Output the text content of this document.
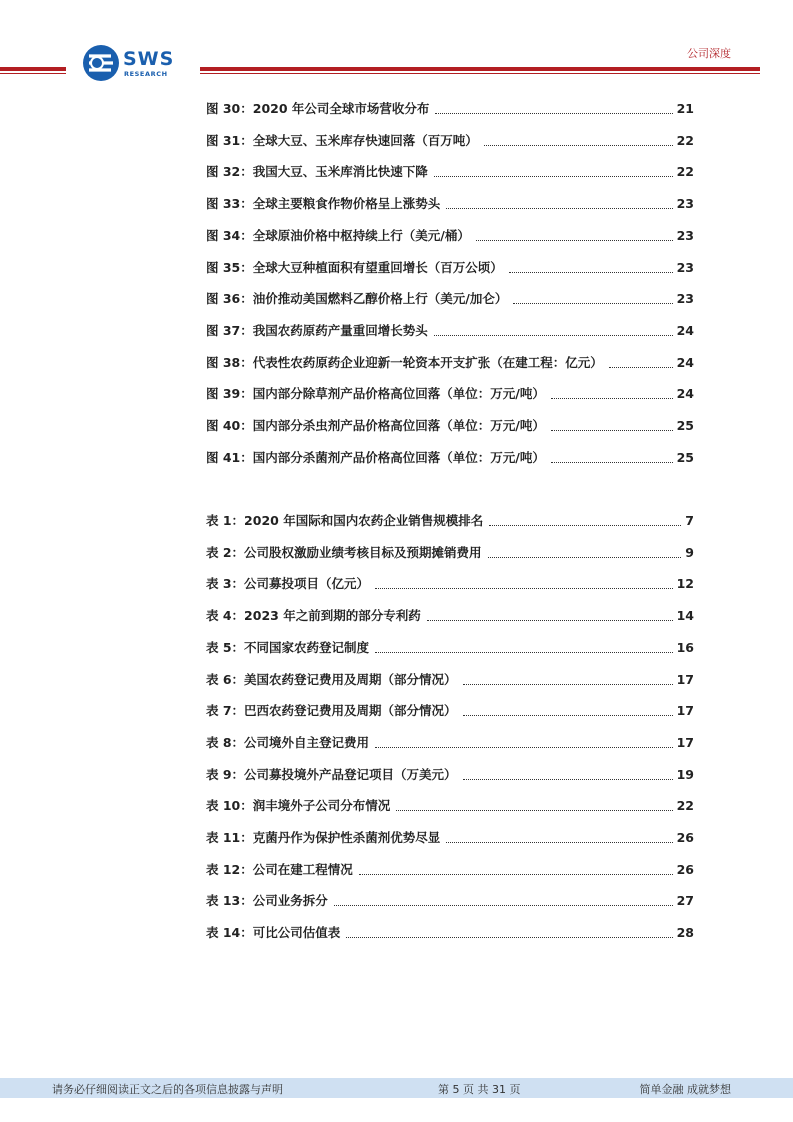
SWS
RESEARCH
公司深度
图 30：2020 年公司全球市场营收分布	21
图 31：全球大豆、玉米库存快速回落（百万吨）	22
图 32：我国大豆、玉米库消比快速下降	22
图 33：全球主要粮食作物价格呈上涨势头	23
图 34：全球原油价格中枢持续上行（美元/桶）	23
图 35：全球大豆种植面积有望重回增长（百万公顷）	23
图 36：油价推动美国燃料乙醇价格上行（美元/加仑）	23
图 37：我国农药原药产量重回增长势头	24
图 38：代表性农药原药企业迎新一轮资本开支扩张（在建工程：亿元）	24
图 39：国内部分除草剂产品价格高位回落（单位：万元/吨）	24
图 40：国内部分杀虫剂产品价格高位回落（单位：万元/吨）	25
图 41：国内部分杀菌剂产品价格高位回落（单位：万元/吨）	25
表 1：2020 年国际和国内农药企业销售规模排名	7
表 2：公司股权激励业绩考核目标及预期摊销费用	9
表 3：公司募投项目（亿元）	12
表 4：2023 年之前到期的部分专利药	14
表 5：不同国家农药登记制度	16
表 6：美国农药登记费用及周期（部分情况）	17
表 7：巴西农药登记费用及周期（部分情况）	17
表 8：公司境外自主登记费用	17
表 9：公司募投境外产品登记项目（万美元）	19
表 10：润丰境外子公司分布情况	22
表 11：克菌丹作为保护性杀菌剂优势尽显	26
表 12：公司在建工程情况	26
表 13：公司业务拆分	27
表 14：可比公司估值表	28
请务必仔细阅读正文之后的各项信息披露与声明	第 5 页 共 31 页	简单金融 成就梦想
